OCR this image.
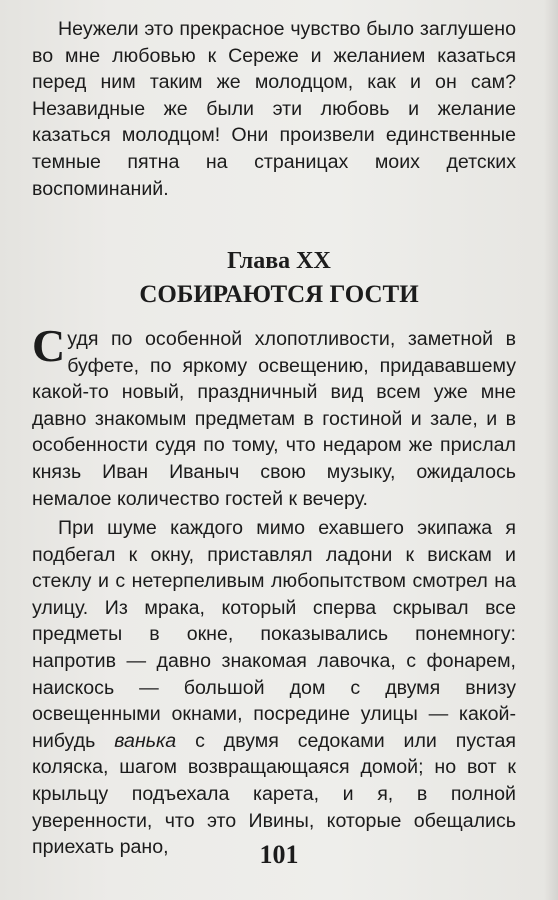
Неужели это прекрасное чувство было заглушено во мне любовью к Сереже и желанием казаться перед ним таким же молодцом, как и он сам? Незавидные же были эти любовь и желание казаться молодцом! Они произвели единственные темные пятна на страницах моих детских воспоминаний.

Глава XX
СОБИРАЮТСЯ ГОСТИ

Судя по особенной хлопотливости, заметной в буфете, по яркому освещению, придававшему какой-то новый, праздничный вид всем уже мне давно знакомым предметам в гостиной и зале, и в особенности судя по тому, что недаром же прислал князь Иван Иваныч свою музыку, ожидалось немалое количество гостей к вечеру.

При шуме каждого мимо ехавшего экипажа я подбегал к окну, приставлял ладони к вискам и стеклу и с нетерпеливым любопытством смотрел на улицу. Из мрака, который сперва скрывал все предметы в окне, показывались понемногу: напротив — давно знакомая лавочка, с фонарем, наискось — большой дом с двумя внизу освещенными окнами, посредине улицы — какой-нибудь ванька с двумя седоками или пустая коляска, шагом возвращающаяся домой; но вот к крыльцу подъехала карета, и я, в полной уверенности, что это Ивины, которые обещались приехать рано,	101
